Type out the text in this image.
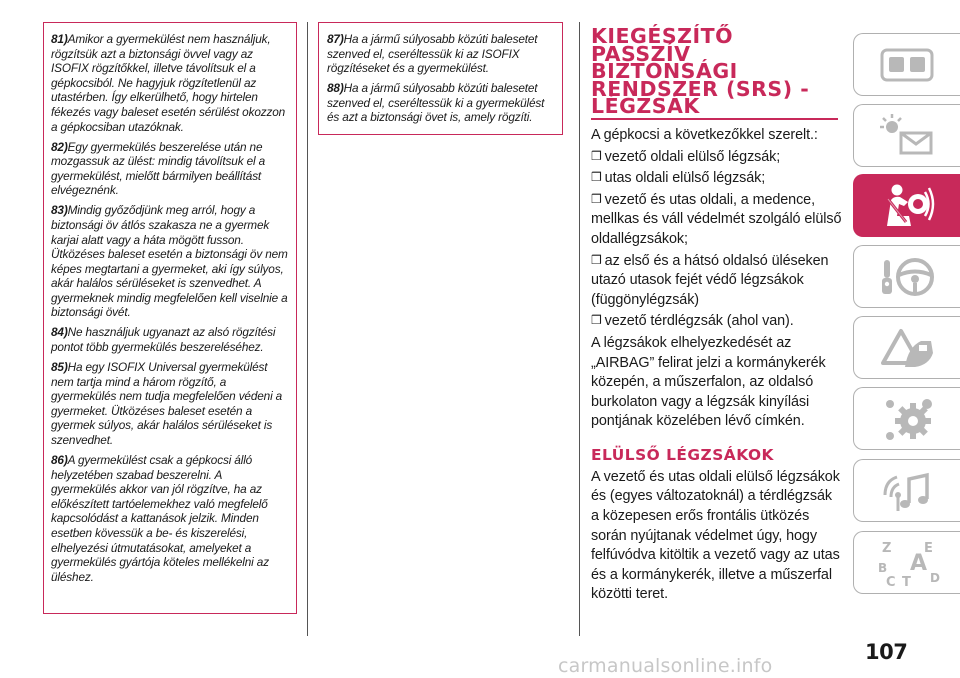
81)Amikor a gyermekülést nem használjuk, rögzítsük azt a biztonsági övvel vagy az ISOFIX rögzítőkkel, illetve távolítsuk el a gépkocsiból. Ne hagyjuk rögzítetlenül az utastérben. Így elkerülhető, hogy hirtelen fékezés vagy baleset esetén sérülést okozzon a gépkocsiban utazóknak.

82)Egy gyermekülés beszerelése után ne mozgassuk az ülést: mindig távolítsuk el a gyermekülést, mielőtt bármilyen beállítást elvégeznénk.

83)Mindig győződjünk meg arról, hogy a biztonsági öv átlós szakasza ne a gyermek karjai alatt vagy a háta mögött fusson. Ütközéses baleset esetén a biztonsági öv nem képes megtartani a gyermeket, aki így súlyos, akár halálos sérüléseket is szenvedhet. A gyermeknek mindig megfelelően kell viselnie a biztonsági övét.

84)Ne használjuk ugyanazt az alsó rögzítési pontot több gyermekülés beszereléséhez.

85)Ha egy ISOFIX Universal gyermekülést nem tartja mind a három rögzítő, a gyermekülés nem tudja megfelelően védeni a gyermeket. Ütközéses baleset esetén a gyermek súlyos, akár halálos sérüléseket is szenvedhet.

86)A gyermekülést csak a gépkocsi álló helyzetében szabad beszerelni. A gyermekülés akkor van jól rögzítve, ha az előkészített tartóelemekhez való megfelelő kapcsolódást a kattanások jelzik. Minden esetben kövessük a be- és kiszerelési, elhelyezési útmutatásokat, amelyeket a gyermekülés gyártója köteles mellékelni az üléshez.

87)Ha a jármű súlyosabb közúti balesetet szenved el, cseréltessük ki az ISOFIX rögzítéseket és a gyermekülést.

88)Ha a jármű súlyosabb közúti balesetet szenved el, cseréltessük ki a gyermekülést és azt a biztonsági övet is, amely rögzíti.

KIEGÉSZÍTŐ
PASSZÍV
BIZTONSÁGI
RENDSZER (SRS) -
LÉGZSÁK

A gépkocsi a következőkkel szerelt.:

❒ vezető oldali elülső légzsák;

❒ utas oldali elülső légzsák;

❒ vezető és utas oldali, a medence, mellkas és váll védelmét szolgáló elülső oldallégzsákok;

❒ az első és a hátsó oldalsó üléseken utazó utasok fejét védő légzsákok (függönylégzsák)

❒ vezető térdlégzsák (ahol van).

A légzsákok elhelyezkedését az „AIRBAG” felirat jelzi a kormánykerék közepén, a műszerfalon, az oldalsó burkolaton vagy a légzsák kinyílási pontjának közelében lévő címkén.

ELÜLSŐ LÉGZSÁKOK

A vezető és utas oldali elülső légzsákok és (egyes változatoknál) a térdlégzsák a közepesen erős frontális ütközés során nyújtanak védelmet úgy, hogy felfúvódva kitöltik a vezető vagy az utas és a kormánykerék, illetve a műszerfal közötti teret.

Z	E
B A
C T D
107
carmanualsonline.info
